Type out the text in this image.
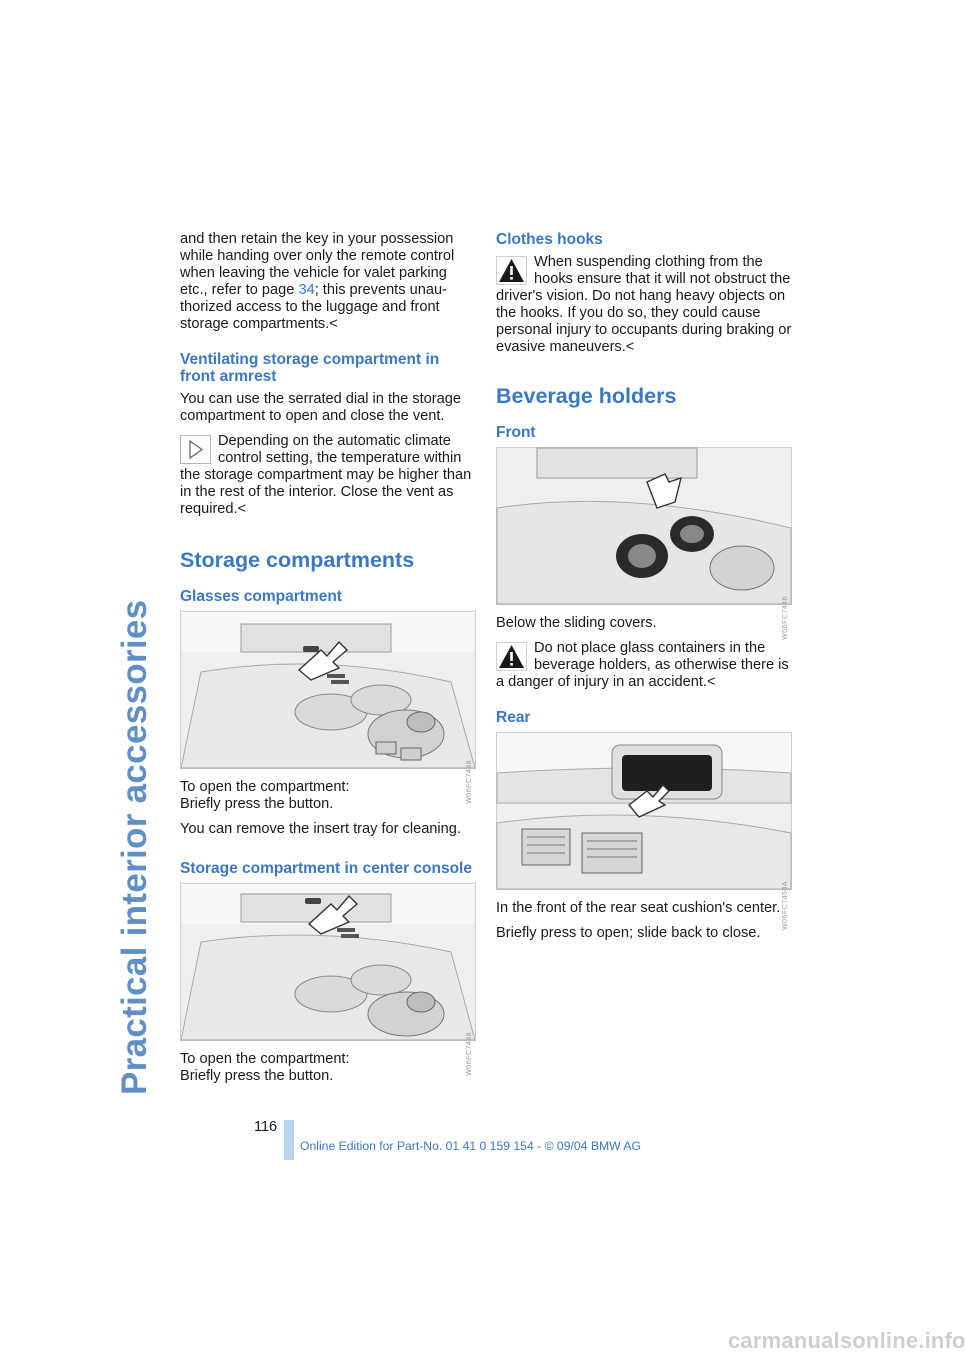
Practical interior accessories

and then retain the key in your possession while handing over only the remote control when leaving the vehicle for valet parking etc., refer to page 34; this prevents unau-thorized access to the luggage and front storage compartments.<

Ventilating storage compartment in front armrest

You can use the serrated dial in the storage compartment to open and close the vent.

Depending on the automatic climate control setting, the temperature within the storage compartment may be higher than in the rest of the interior. Close the vent as required.<
Storage compartments
Glasses compartment
W06FC7448

To open the compartment:
Briefly press the button.

You can remove the insert tray for cleaning.

Storage compartment in center console
W06FC7448

To open the compartment:
Briefly press the button.

Clothes hooks
When suspending clothing from the hooks ensure that it will not obstruct the driver's vision. Do not hang heavy objects on the hooks. If you do so, they could cause personal injury to occupants during braking or evasive maneuvers.<
Beverage holders
Front
W06FC7446

Below the sliding covers.

Do not place glass containers in the beverage holders, as otherwise there is a danger of injury in an accident.<
Rear
W06FC7450A

In the front of the rear seat cushion's center.

Briefly press to open; slide back to close.

116
Online Edition for Part-No. 01 41 0 159 154 - © 09/04 BMW AG
carmanualsonline.info
